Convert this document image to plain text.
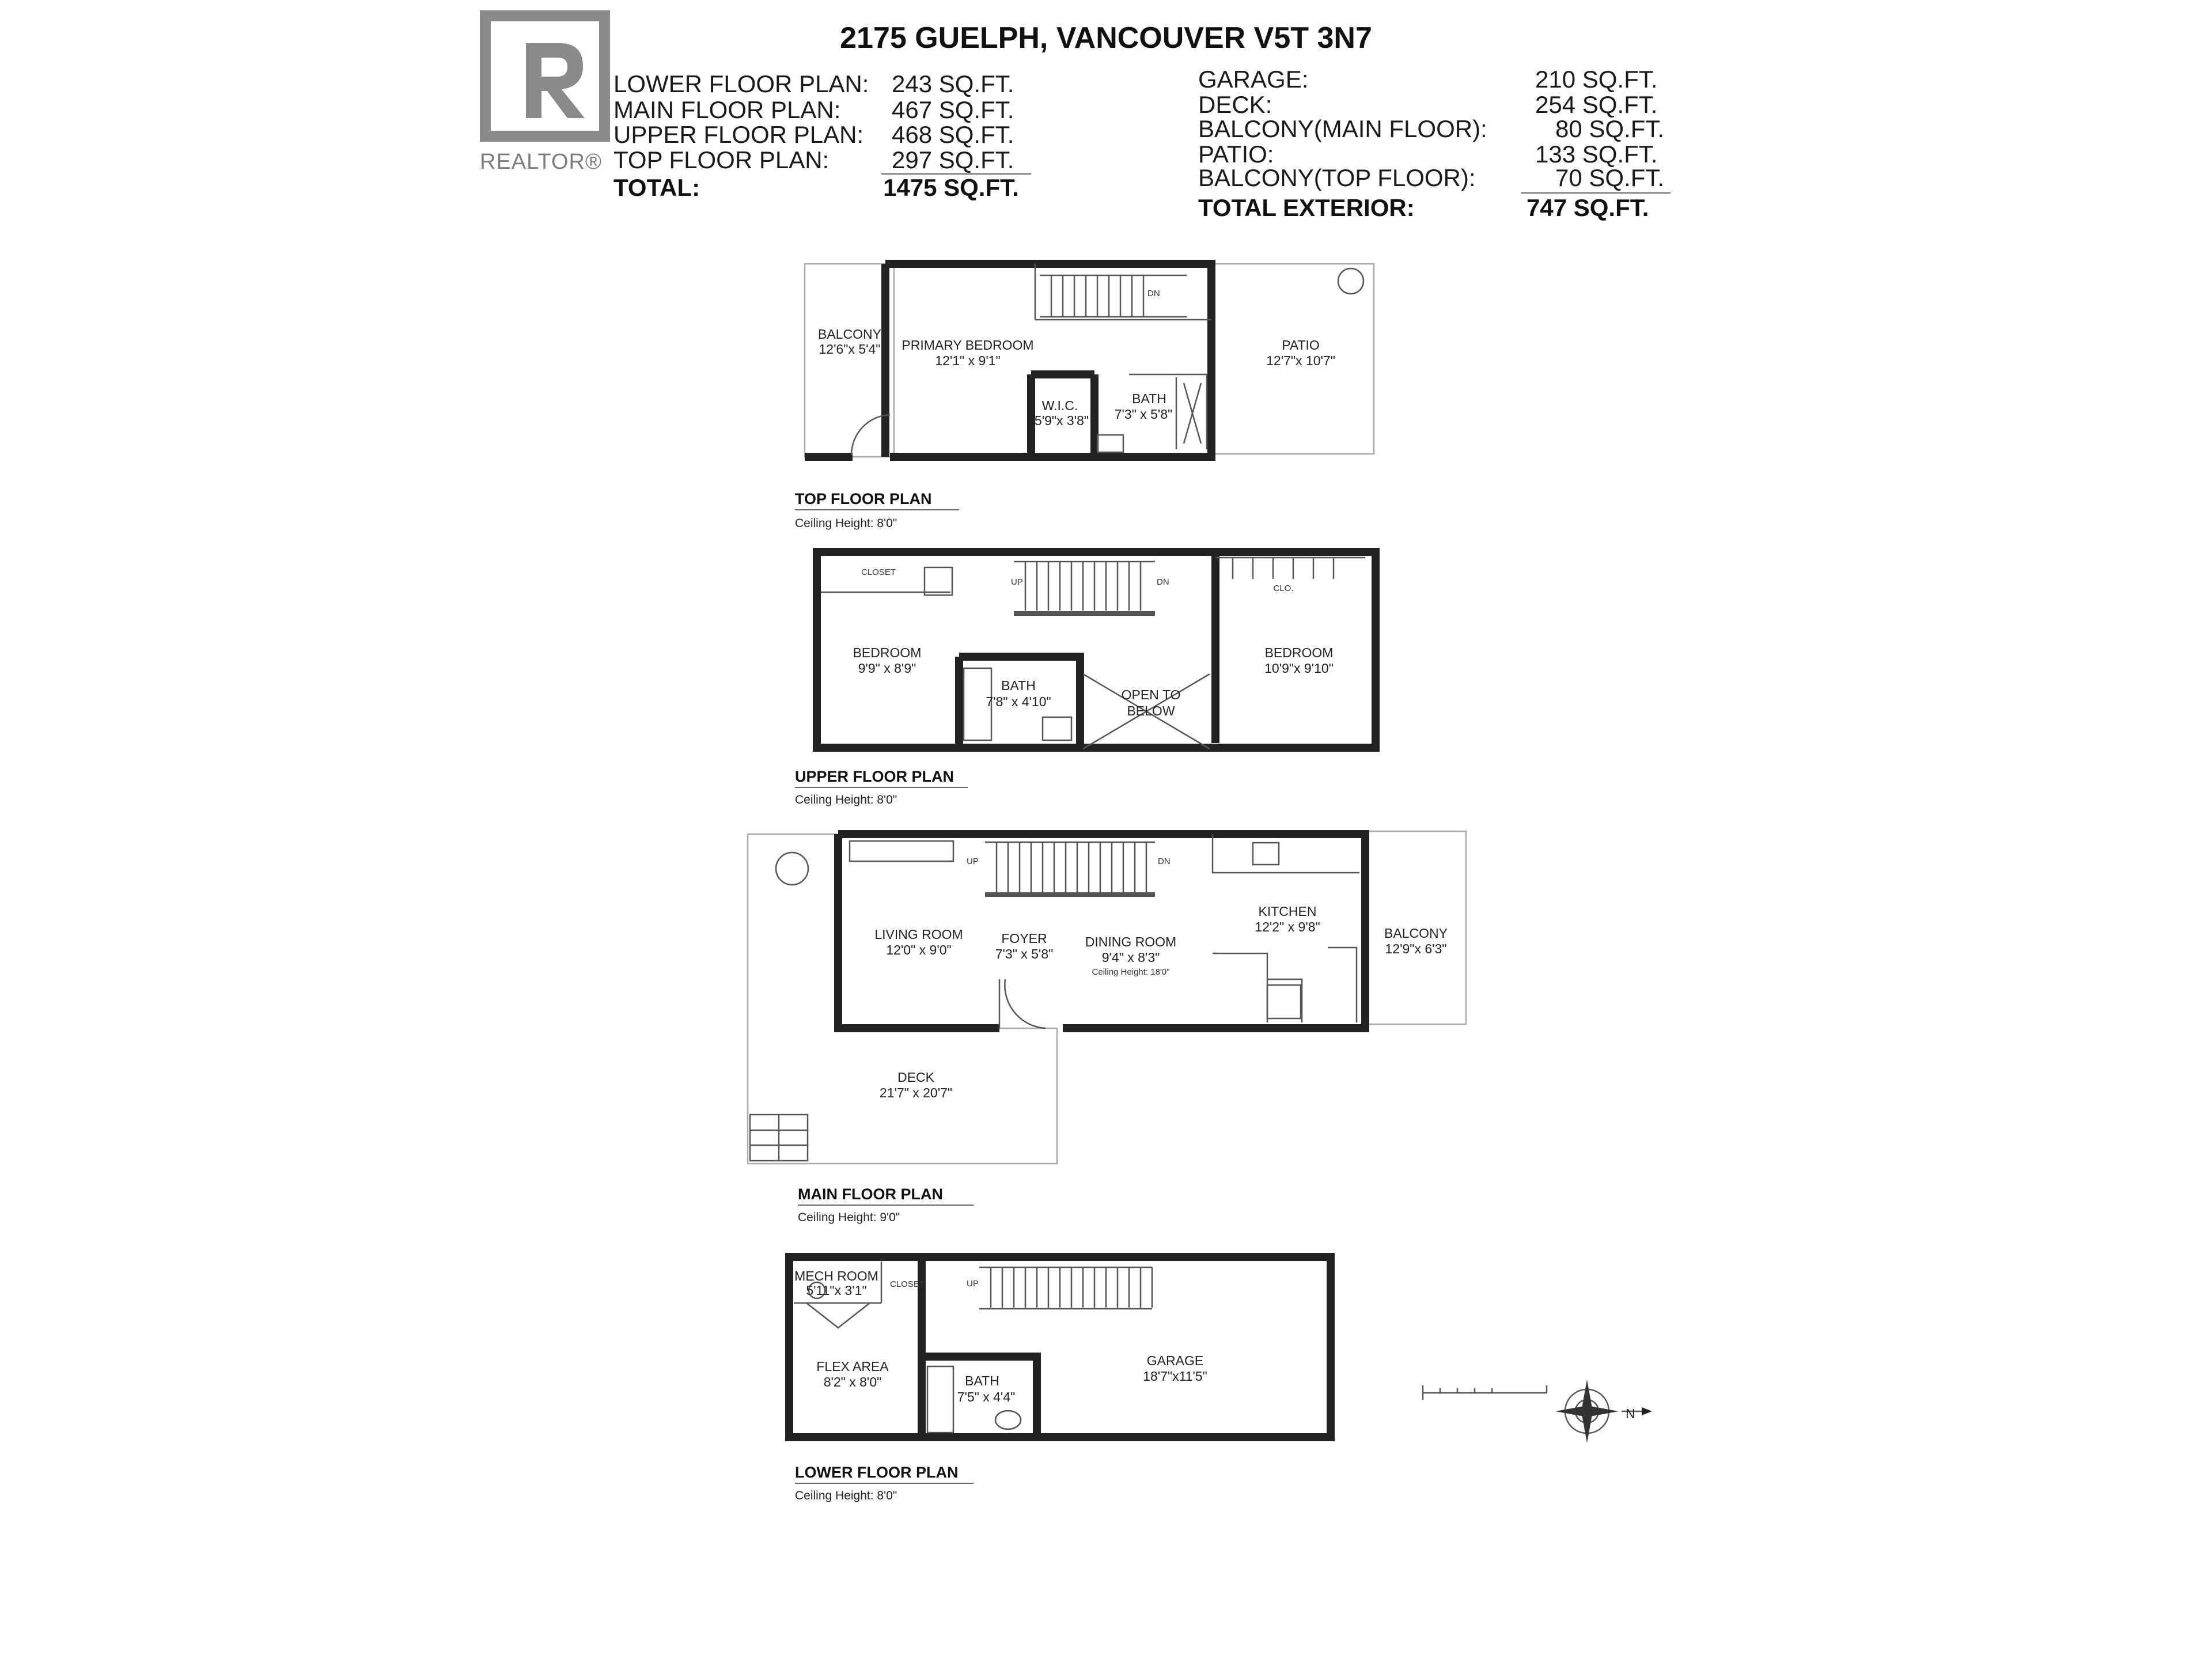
REALTOR®
2175 GUELPH, VANCOUVER V5T 3N7
LOWER FLOOR PLAN: 243 SQ.FT.
MAIN FLOOR PLAN: 467 SQ.FT.
UPPER FLOOR PLAN: 468 SQ.FT.
TOP FLOOR PLAN:	297 SQ.FT.
TOTAL:	1475 SQ.FT.
GARAGE:	210 SQ.FT.
DECK:	254 SQ.FT.
BALCONY(MAIN FLOOR):	80 SQ.FT.
PATIO:	133 SQ.FT.
BALCONY(TOP FLOOR):	70 SQ.FT.
TOTAL EXTERIOR:	747 SQ.FT.
DN
BALCONY
12'6"x 5'4" PRIMARY BEDROOM
12'1" x 9'1"
W.I.C.
5'9"x 3'8"
BATH
7'3" x 5'8"
PATIO
12'7"x 10'7"
TOP FLOOR PLAN
Ceiling Height: 8'0"
UP	DN
CLOSET
BEDROOM
9'9" x 8'9"
BATH
7'8" x 4'10"	OPEN TO
BELOW
CLO.
BEDROOM
10'9"x 9'10"
UPPER FLOOR PLAN
Ceiling Height: 8'0"
UP	DN
LIVING ROOM
12'0" x 9'0"
FOYER
7'3" x 5'8"
DINING ROOM
9'4" x 8'3"
Ceiling Height: 18'0"
KITCHEN
12'2" x 9'8"	BALCONY
12'9"x 6'3"
DECK
21'7" x 20'7"
MAIN FLOOR PLAN
Ceiling Height: 9'0"
UP
MECH ROOM
5'11"x 3'1"	CLOSET
FLEX AREA
8'2" x 8'0"	BATH
7'5" x 4'4"
GARAGE
18'7"x11'5"
LOWER FLOOR PLAN
Ceiling Height: 8'0"
N
